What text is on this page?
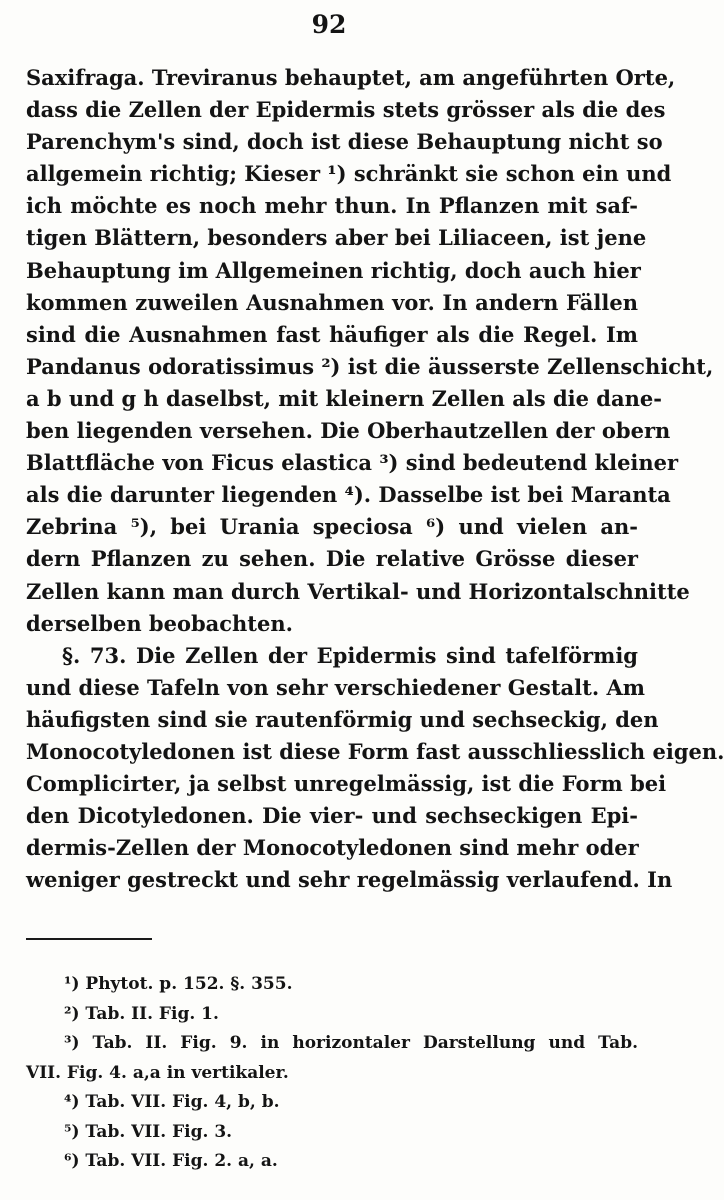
92
Saxifraga. Treviranus behauptet, am angeführten Orte,
dass die Zellen der Epidermis stets grösser als die des
Parenchym's sind, doch ist diese Behauptung nicht so
allgemein richtig; Kieser ¹) schränkt sie schon ein und
ich möchte es noch mehr thun. In Pflanzen mit saf-
tigen Blättern, besonders aber bei Liliaceen, ist jene
Behauptung im Allgemeinen richtig, doch auch hier
kommen zuweilen Ausnahmen vor. In andern Fällen
sind die Ausnahmen fast häufiger als die Regel. Im
Pandanus odoratissimus ²) ist die äusserste Zellenschicht,
a b und g h daselbst, mit kleinern Zellen als die dane-
ben liegenden versehen. Die Oberhautzellen der obern
Blattfläche von Ficus elastica ³) sind bedeutend kleiner
als die darunter liegenden ⁴). Dasselbe ist bei Maranta
Zebrina ⁵), bei Urania speciosa ⁶) und vielen an-
dern Pflanzen zu sehen. Die relative Grösse dieser
Zellen kann man durch Vertikal- und Horizontalschnitte
derselben beobachten.
§. 73. Die Zellen der Epidermis sind tafelförmig
und diese Tafeln von sehr verschiedener Gestalt. Am
häufigsten sind sie rautenförmig und sechseckig, den
Monocotyledonen ist diese Form fast ausschliesslich eigen.
Complicirter, ja selbst unregelmässig, ist die Form bei
den Dicotyledonen. Die vier- und sechseckigen Epi-
dermis-Zellen der Monocotyledonen sind mehr oder
weniger gestreckt und sehr regelmässig verlaufend. In
¹) Phytot. p. 152. §. 355.
²) Tab. II. Fig. 1.
³) Tab. II. Fig. 9. in horizontaler Darstellung und Tab.
VII. Fig. 4. a,a in vertikaler.
⁴) Tab. VII. Fig. 4, b, b.
⁵) Tab. VII. Fig. 3.
⁶) Tab. VII. Fig. 2. a, a.
